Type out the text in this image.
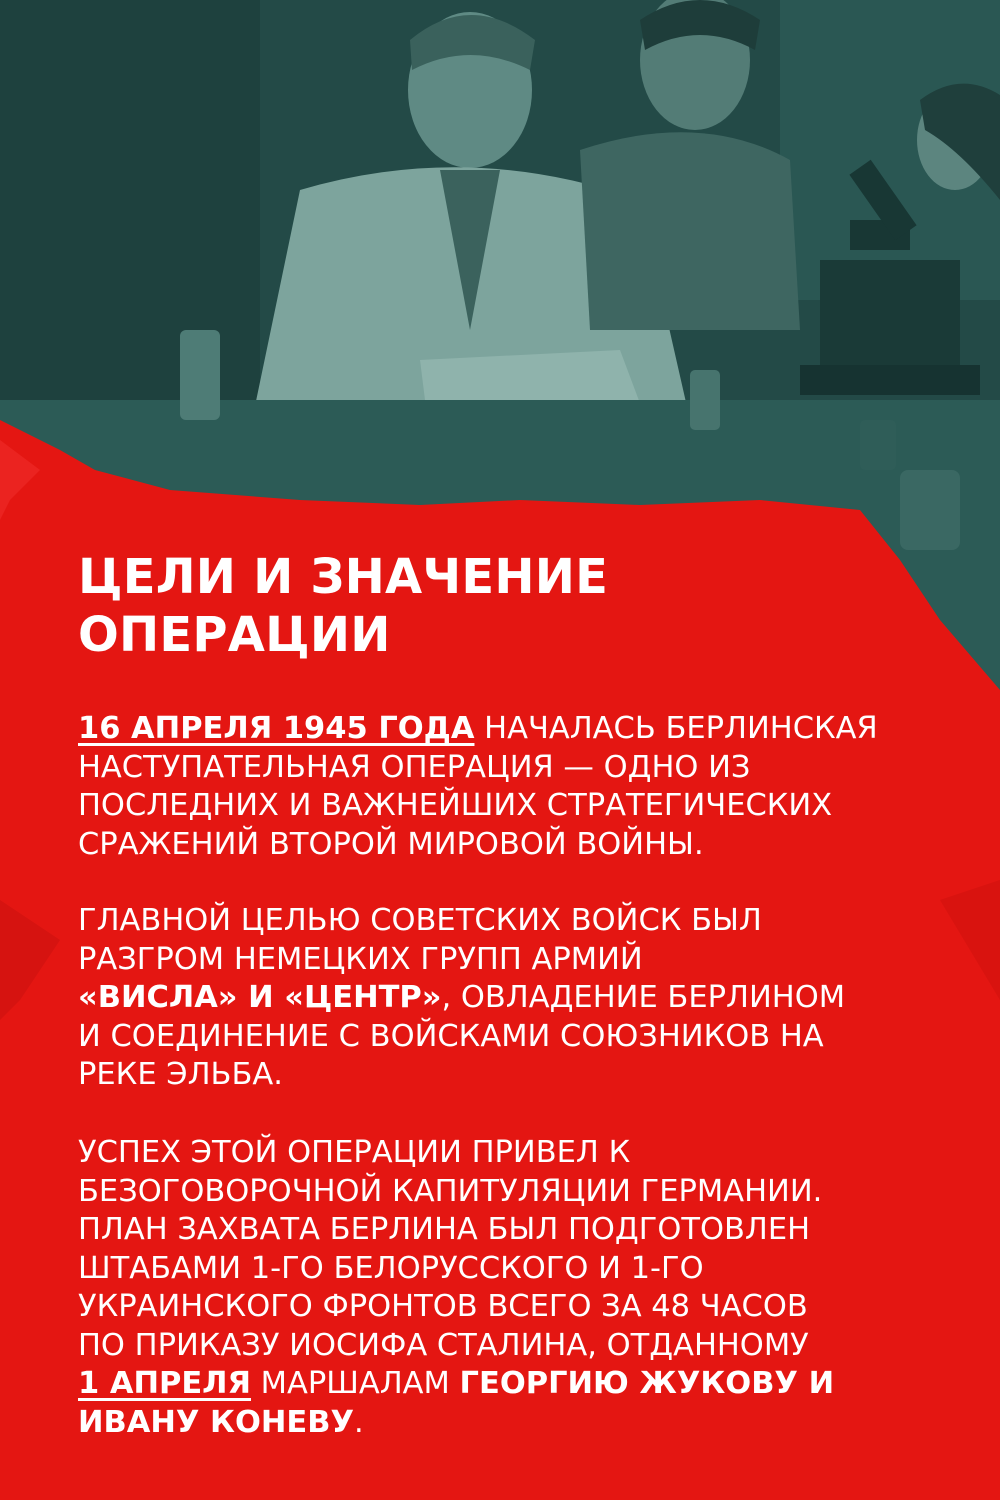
ЦЕЛИ И ЗНАЧЕНИЕ
ОПЕРАЦИИ

16 АПРЕЛЯ 1945 ГОДА НАЧАЛАСЬ БЕРЛИНСКАЯ
НАСТУПАТЕЛЬНАЯ ОПЕРАЦИЯ — ОДНО ИЗ
ПОСЛЕДНИХ И ВАЖНЕЙШИХ СТРАТЕГИЧЕСКИХ
СРАЖЕНИЙ ВТОРОЙ МИРОВОЙ ВОЙНЫ.

ГЛАВНОЙ ЦЕЛЬЮ СОВЕТСКИХ ВОЙСК БЫЛ
РАЗГРОМ НЕМЕЦКИХ ГРУПП АРМИЙ
«ВИСЛА» И «ЦЕНТР», ОВЛАДЕНИЕ БЕРЛИНОМ
И СОЕДИНЕНИЕ С ВОЙСКАМИ СОЮЗНИКОВ НА
РЕКЕ ЭЛЬБА.

УСПЕХ ЭТОЙ ОПЕРАЦИИ ПРИВЕЛ К
БЕЗОГОВОРОЧНОЙ КАПИТУЛЯЦИИ ГЕРМАНИИ.
ПЛАН ЗАХВАТА БЕРЛИНА БЫЛ ПОДГОТОВЛЕН
ШТАБАМИ 1-ГО БЕЛОРУССКОГО И 1-ГО
УКРАИНСКОГО ФРОНТОВ ВСЕГО ЗА 48 ЧАСОВ
ПО ПРИКАЗУ ИОСИФА СТАЛИНА, ОТДАННОМУ
1 АПРЕЛЯ МАРШАЛАМ ГЕОРГИЮ ЖУКОВУ И
ИВАНУ КОНЕВУ.
